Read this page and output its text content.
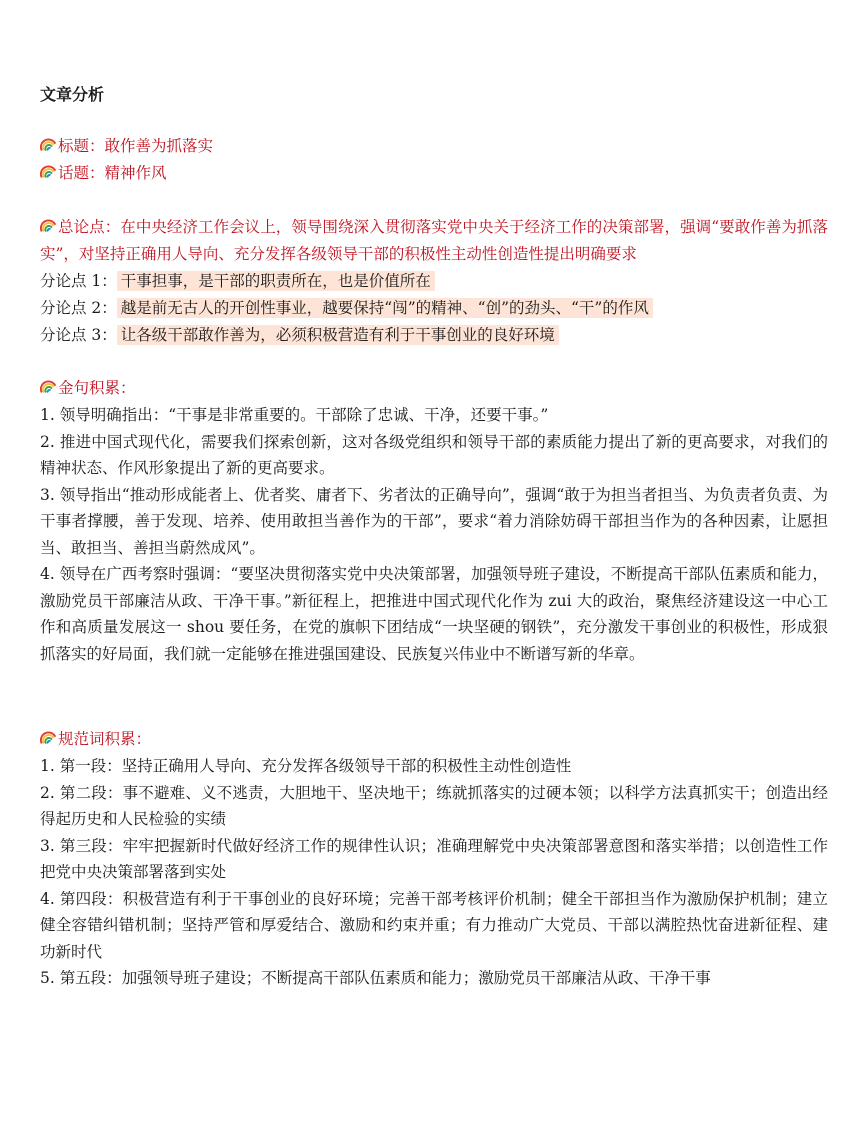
文章分析
标题：敢作善为抓落实
话题：精神作风
总论点：在中央经济工作会议上，领导围绕深入贯彻落实党中央关于经济工作的决策部署，强调“要敢作善为抓落实”，对坚持正确用人导向、充分发挥各级领导干部的积极性主动性创造性提出明确要求
分论点 1： 干事担事，是干部的职责所在，也是价值所在
分论点 2： 越是前无古人的开创性事业，越要保持“闯”的精神、“创”的劲头、“干”的作风
分论点 3： 让各级干部敢作善为，必须积极营造有利于干事创业的良好环境
金句积累：
1. 领导明确指出：“干事是非常重要的。干部除了忠诚、干净，还要干事。”
2. 推进中国式现代化，需要我们探索创新，这对各级党组织和领导干部的素质能力提出了新的更高要求，对我们的精神状态、作风形象提出了新的更高要求。
3. 领导指出“推动形成能者上、优者奖、庸者下、劣者汰的正确导向”，强调“敢于为担当者担当、为负责者负责、为干事者撑腰，善于发现、培养、使用敢担当善作为的干部”，要求“着力消除妨碍干部担当作为的各种因素，让愿担当、敢担当、善担当蔚然成风”。
4. 领导在广西考察时强调：“要坚决贯彻落实党中央决策部署，加强领导班子建设，不断提高干部队伍素质和能力，激励党员干部廉洁从政、干净干事。”新征程上，把推进中国式现代化作为 zui 大的政治，聚焦经济建设这一中心工作和高质量发展这一 shou 要任务，在党的旗帜下团结成“一块坚硬的钢铁”，充分激发干事创业的积极性，形成狠抓落实的好局面，我们就一定能够在推进强国建设、民族复兴伟业中不断谱写新的华章。
规范词积累：
1. 第一段：坚持正确用人导向、充分发挥各级领导干部的积极性主动性创造性
2. 第二段：事不避难、义不逃责，大胆地干、坚决地干；练就抓落实的过硬本领；以科学方法真抓实干；创造出经得起历史和人民检验的实绩
3. 第三段：牢牢把握新时代做好经济工作的规律性认识；准确理解党中央决策部署意图和落实举措；以创造性工作把党中央决策部署落到实处
4. 第四段：积极营造有利于干事创业的良好环境；完善干部考核评价机制；健全干部担当作为激励保护机制；建立健全容错纠错机制；坚持严管和厚爱结合、激励和约束并重；有力推动广大党员、干部以满腔热忱奋进新征程、建功新时代
5. 第五段：加强领导班子建设；不断提高干部队伍素质和能力；激励党员干部廉洁从政、干净干事
